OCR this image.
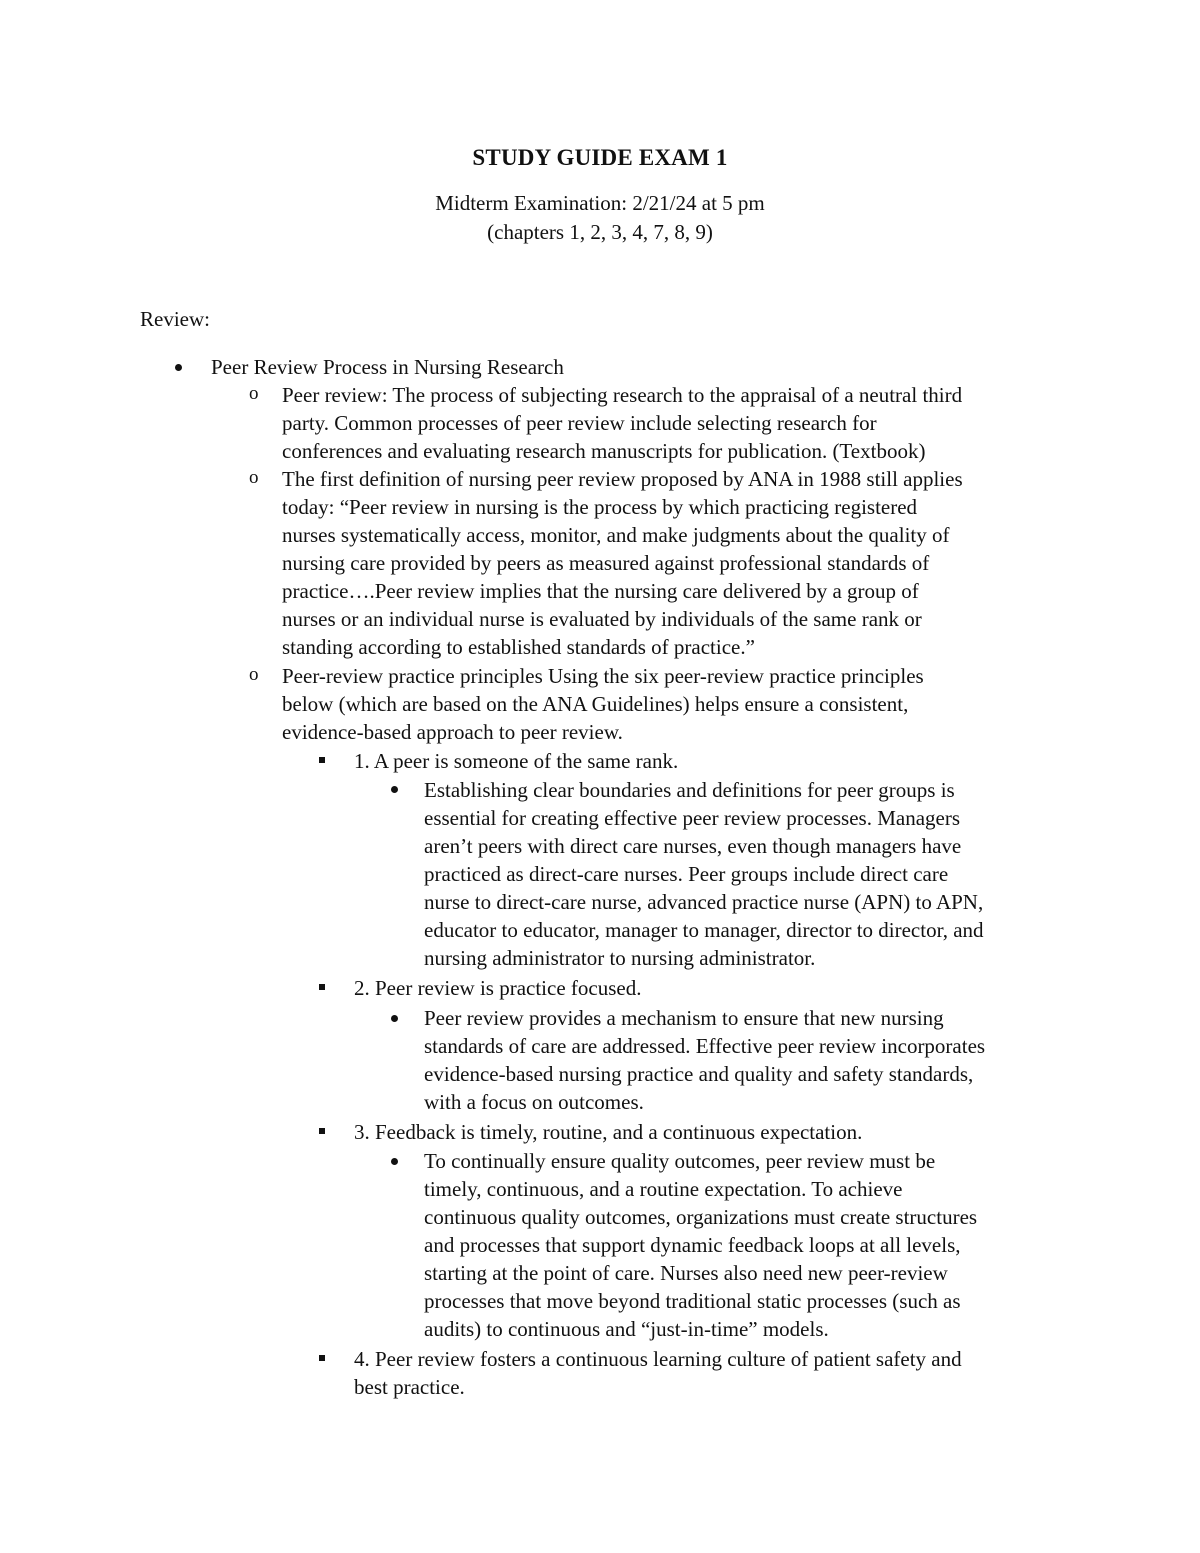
STUDY GUIDE EXAM 1
Midterm Examination: 2/21/24 at 5 pm
(chapters 1, 2, 3, 4, 7, 8, 9)
Review:
Peer Review Process in Nursing Research
o Peer review: The process of subjecting research to the appraisal of a neutral third
party. Common processes of peer review include selecting research for
conferences and evaluating research manuscripts for publication. (Textbook)
o The first definition of nursing peer review proposed by ANA in 1988 still applies
today: “Peer review in nursing is the process by which practicing registered
nurses systematically access, monitor, and make judgments about the quality of
nursing care provided by peers as measured against professional standards of
practice….Peer review implies that the nursing care delivered by a group of
nurses or an individual nurse is evaluated by individuals of the same rank or
standing according to established standards of practice.”
o Peer-review practice principles Using the six peer-review practice principles
below (which are based on the ANA Guidelines) helps ensure a consistent,
evidence-based approach to peer review.
1. A peer is someone of the same rank.
Establishing clear boundaries and definitions for peer groups is
essential for creating effective peer review processes. Managers
aren’t peers with direct care nurses, even though managers have
practiced as direct-care nurses. Peer groups include direct care
nurse to direct-care nurse, advanced practice nurse (APN) to APN,
educator to educator, manager to manager, director to director, and
nursing administrator to nursing administrator.
2. Peer review is practice focused.
Peer review provides a mechanism to ensure that new nursing
standards of care are addressed. Effective peer review incorporates
evidence-based nursing practice and quality and safety standards,
with a focus on outcomes.
3. Feedback is timely, routine, and a continuous expectation.
To continually ensure quality outcomes, peer review must be
timely, continuous, and a routine expectation. To achieve
continuous quality outcomes, organizations must create structures
and processes that support dynamic feedback loops at all levels,
starting at the point of care. Nurses also need new peer-review
processes that move beyond traditional static processes (such as
audits) to continuous and “just-in-time” models.
4. Peer review fosters a continuous learning culture of patient safety and
best practice.
